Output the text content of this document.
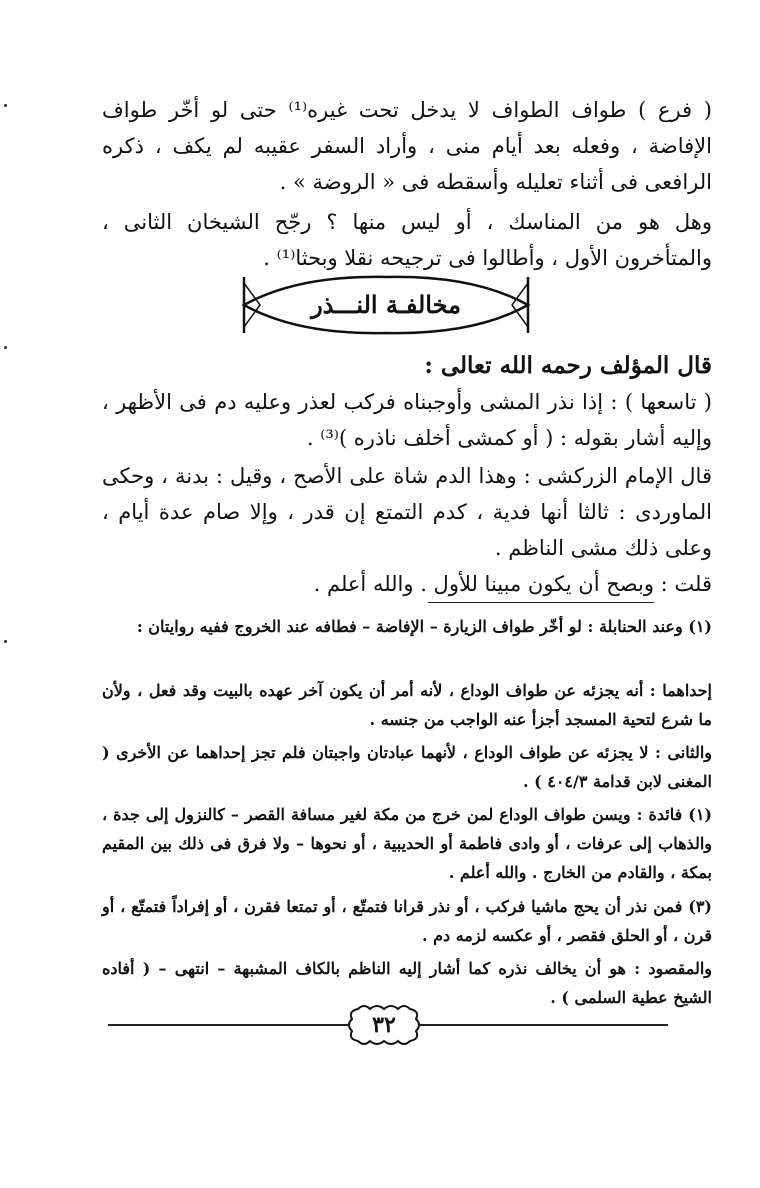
( فرع ) طواف الطواف لا يدخل تحت غيره⁽¹⁾ حتى لو أخّر طواف الإفاضة ، وفعله بعد أيام منى ، وأراد السفر عقيبه لم يكف ، ذكره الرافعى فى أثناء تعليله وأسقطه فى « الروضة » .

وهل هو من المناسك ، أو ليس منها ؟ رجّح الشيخان الثانى ، والمتأخرون الأول ، وأطالوا فى ترجيحه نقلا وبحثا⁽¹⁾ .

مخالفـة النـــذر

قال المؤلف رحمه الله تعالى :

( تاسعها ) : إذا نذر المشى وأوجبناه فركب لعذر وعليه دم فى الأظهر ، وإليه أشار بقوله : ( أو كمشى أخلف ناذره )⁽³⁾ .

قال الإمام الزركشى : وهذا الدم شاة على الأصح ، وقيل : بدنة ، وحكى الماوردى : ثالثا أنها فدية ، كدم التمتع إن قدر ، وإلا صام عدة أيام ، وعلى ذلك مشى الناظم .

قلت : وبصح أن يكون مبينا للأول . والله أعلم .

(١) وعند الحنابلة : لو أخّر طواف الزيارة – الإفاضة – فطافه عند الخروج ففيه روايتان :

إحداهما : أنه يجزئه عن طواف الوداع ، لأنه أمر أن يكون آخر عهده بالبيت وقد فعل ، ولأن ما شرع لتحية المسجد أجزأ عنه الواجب من جنسه .

والثانى : لا يجزئه عن طواف الوداع ، لأنهما عبادتان واجبتان فلم تجز إحداهما عن الأخرى ( المغنى لابن قدامة ٤٠٤/٣ ) .

(١) فائدة : ويسن طواف الوداع لمن خرج من مكة لغير مسافة القصر – كالنزول إلى جدة ، والذهاب إلى عرفات ، أو وادى فاطمة أو الحديبية ، أو نحوها – ولا فرق فى ذلك بين المقيم بمكة ، والقادم من الخارج . والله أعلم .

(٣) فمن نذر أن يحج ماشيا فركب ، أو نذر قرانا فتمتّع ، أو تمتعا فقرن ، أو إفراداً فتمتّع ، أو قرن ، أو الحلق فقصر ، أو عكسه لزمه دم .

والمقصود : هو أن يخالف نذره كما أشار إليه الناظم بالكاف المشبهة – انتهى – ( أفاده الشيخ عطية السلمى ) .

٣٢
